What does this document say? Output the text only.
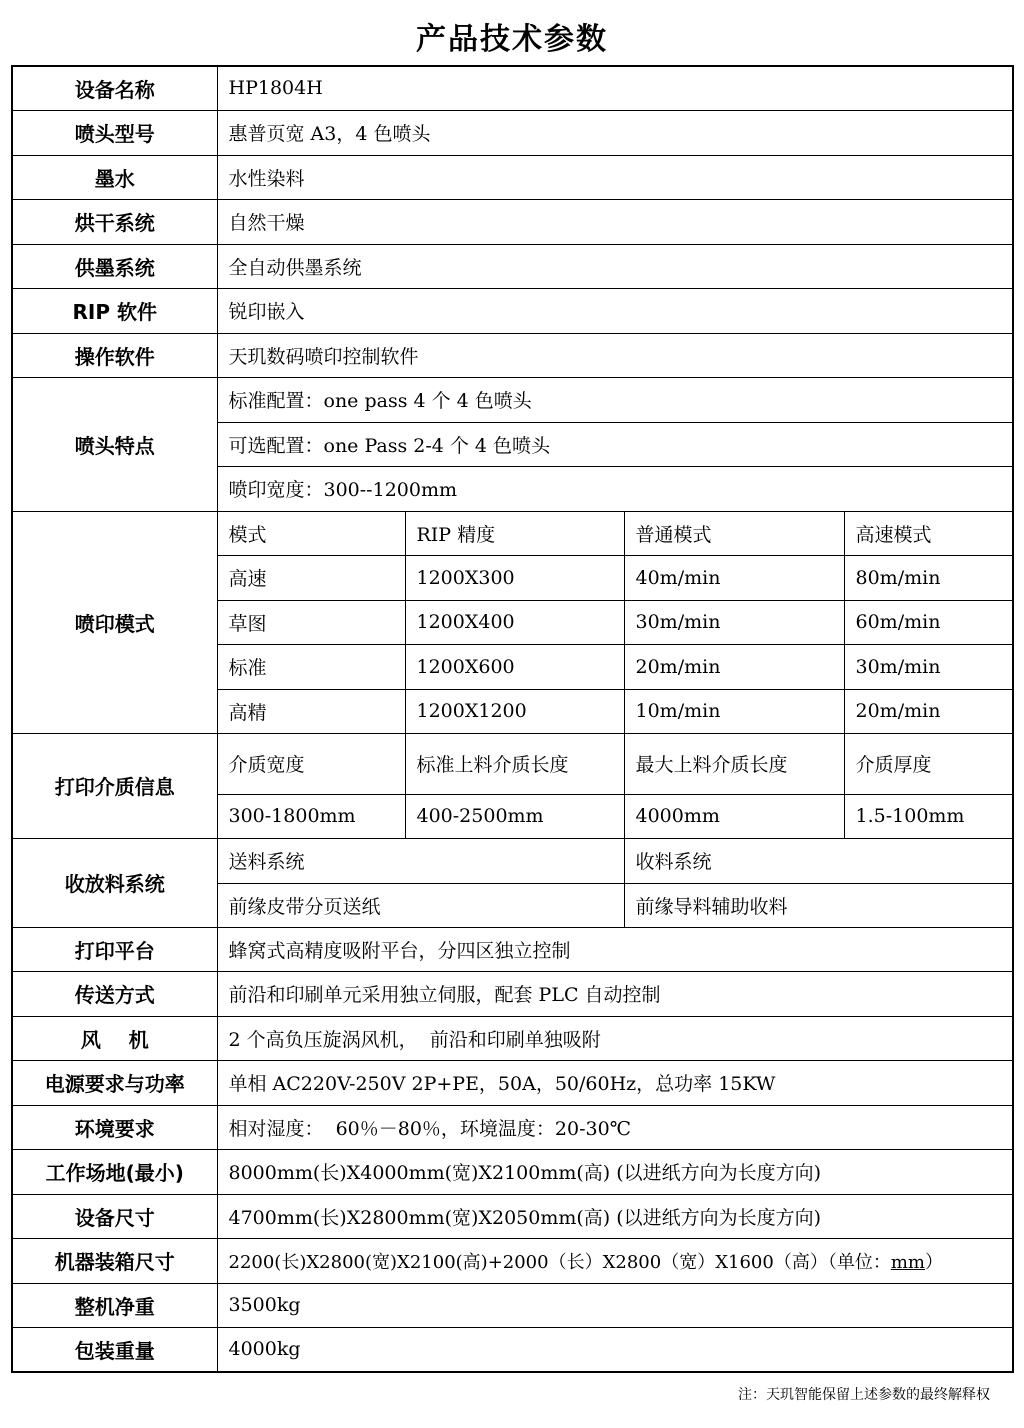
产品技术参数
设备名称	HP1804H			
喷头型号	惠普页宽 A3，4 色喷头			
墨水	水性染料			
烘干系统	自然干燥			
供墨系统	全自动供墨系统			
RIP 软件	锐印嵌入			
操作软件	天玑数码喷印控制软件			
喷头特点	标准配置：one pass 4 个 4 色喷头			
	可选配置：one Pass 2-4 个 4 色喷头			
	喷印宽度：300--1200mm			
喷印模式	模式	RIP 精度	普通模式	高速模式
	高速	1200X300	40m/min	80m/min
	草图	1200X400	30m/min	60m/min
	标准	1200X600	20m/min	30m/min
	高精	1200X1200	10m/min	20m/min
打印介质信息	介质宽度	标准上料介质长度	最大上料介质长度	介质厚度
	300-1800mm	400-2500mm	4000mm	1.5-100mm
收放料系统	送料系统		收料系统	
	前缘皮带分页送纸		前缘导料辅助收料	
打印平台	蜂窝式高精度吸附平台，分四区独立控制			
传送方式	前沿和印刷单元采用独立伺服，配套 PLC 自动控制			
风    机	2 个高负压旋涡风机，  前沿和印刷单独吸附			
电源要求与功率	单相 AC220V-250V 2P+PE，50A，50/60Hz，总功率 15KW			
环境要求	相对湿度：  60％－80％，环境温度：20-30℃			
工作场地(最小)	8000mm(长)X4000mm(宽)X2100mm(高) (以进纸方向为长度方向)			
设备尺寸	4700mm(长)X2800mm(宽)X2050mm(高) (以进纸方向为长度方向)			
机器装箱尺寸	2200(长)X2800(宽)X2100(高)+2000（长）X2800（宽）X1600（高）（单位：mm）			
整机净重	3500kg			
包装重量	4000kg			
注：天玑智能保留上述参数的最终解释权
